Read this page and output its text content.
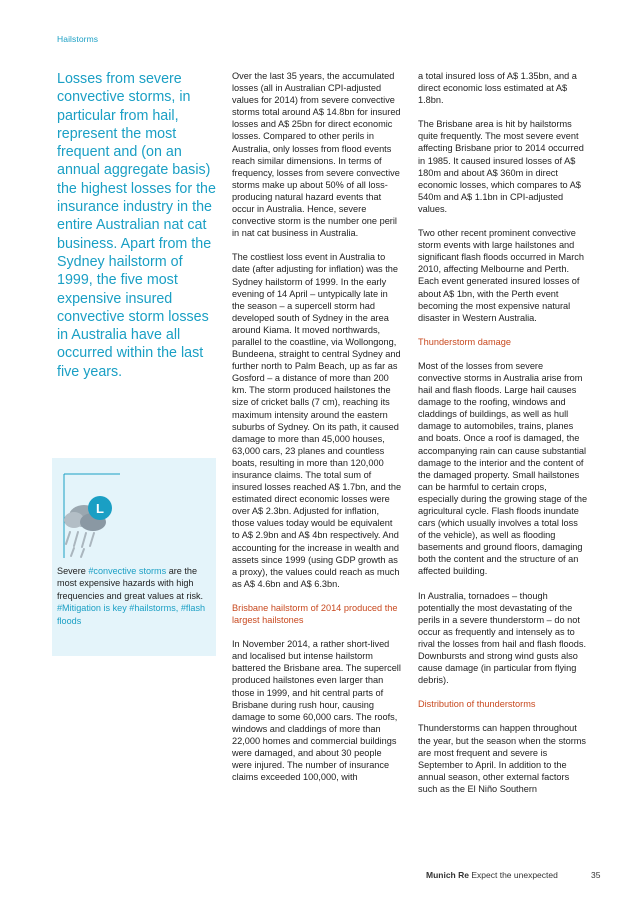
Hailstorms

Losses from severe convective storms, in particular from hail, represent the most frequent and (on an annual aggregate basis) the highest losses for the insurance industry in the entire Australian nat cat business. Apart from the Sydney hailstorm of 1999, the five most expensive insured convective storm losses in Australia have all occurred within the last five years.

L

Severe #convective storms are the most expensive hazards with high frequencies and great values at risk.
#Mitigation is key #hailstorms, #flash floods

Over the last 35 years, the accumulated losses (all in Australian CPI-adjusted values for 2014) from severe convective storms total around A$ 14.8bn for insured losses and A$ 25bn for direct economic losses. Compared to other perils in Australia, only losses from flood events reach similar dimensions. In terms of frequency, losses from severe convective storms make up about 50% of all loss-producing natural hazard events that occur in Australia. Hence, severe convective storm is the number one peril in nat cat business in Australia.

The costliest loss event in Australia to date (after adjusting for inflation) was the Sydney hailstorm of 1999. In the early evening of 14 April – untypically late in the season – a supercell storm had developed south of Sydney in the area around Kiama. It moved northwards, parallel to the coastline, via Wollongong, Bundeena, straight to central Sydney and further north to Palm Beach, up as far as Gosford – a distance of more than 200 km. The storm produced hailstones the size of cricket balls (7 cm), reaching its maximum intensity around the eastern suburbs of Sydney. On its path, it caused damage to more than 45,000 houses, 63,000 cars, 23 planes and countless boats, resulting in more than 120,000 insurance claims. The total sum of insured losses reached A$ 1.7bn, and the estimated direct economic losses were over A$ 2.3bn. Adjusted for inflation, those values today would be equivalent to A$ 2.9bn and A$ 4bn respectively. And accounting for the increase in wealth and assets since 1999 (using GDP growth as a proxy), the values could reach as much as A$ 4.6bn and A$ 6.3bn.

Brisbane hailstorm of 2014 produced the largest hailstones

In November 2014, a rather short-lived and localised but intense hailstorm battered the Brisbane area. The supercell produced hailstones even larger than those in 1999, and hit central parts of Brisbane during rush hour, causing damage to some 60,000 cars. The roofs, windows and claddings of more than 22,000 homes and commercial buildings were damaged, and about 30 people were injured. The number of insurance claims exceeded 100,000, with

a total insured loss of A$ 1.35bn, and a direct economic loss estimated at A$ 1.8bn.

The Brisbane area is hit by hailstorms quite frequently. The most severe event affecting Brisbane prior to 2014 occurred in 1985. It caused insured losses of A$ 180m and about A$ 360m in direct economic losses, which compares to A$ 540m and A$ 1.1bn in CPI-adjusted values.

Two other recent prominent convective storm events with large hailstones and significant flash floods occurred in March 2010, affecting Melbourne and Perth. Each event generated insured losses of about A$ 1bn, with the Perth event becoming the most expensive natural disaster in Western Australia.

Thunderstorm damage

Most of the losses from severe convective storms in Australia arise from hail and flash floods. Large hail causes damage to the roofing, windows and claddings of buildings, as well as hull damage to automobiles, trains, planes and boats. Once a roof is damaged, the accompanying rain can cause substantial damage to the interior and the content of the damaged property. Small hailstones can be harmful to certain crops, especially during the growing stage of the agricultural cycle. Flash floods inundate cars (which usually involves a total loss of the vehicle), as well as flooding basements and ground floors, damaging both the content and the structure of an affected building.

In Australia, tornadoes – though potentially the most devastating of the perils in a severe thunderstorm – do not occur as frequently and intensely as to rival the losses from hail and flash floods. Downbursts and strong wind gusts also cause damage (in particular from flying debris).

Distribution of thunderstorms

Thunderstorms can happen throughout the year, but the season when the storms are most frequent and severe is September to April. In addition to the annual season, other external factors such as the El Niño Southern

Munich Re Expect the unexpected	35
